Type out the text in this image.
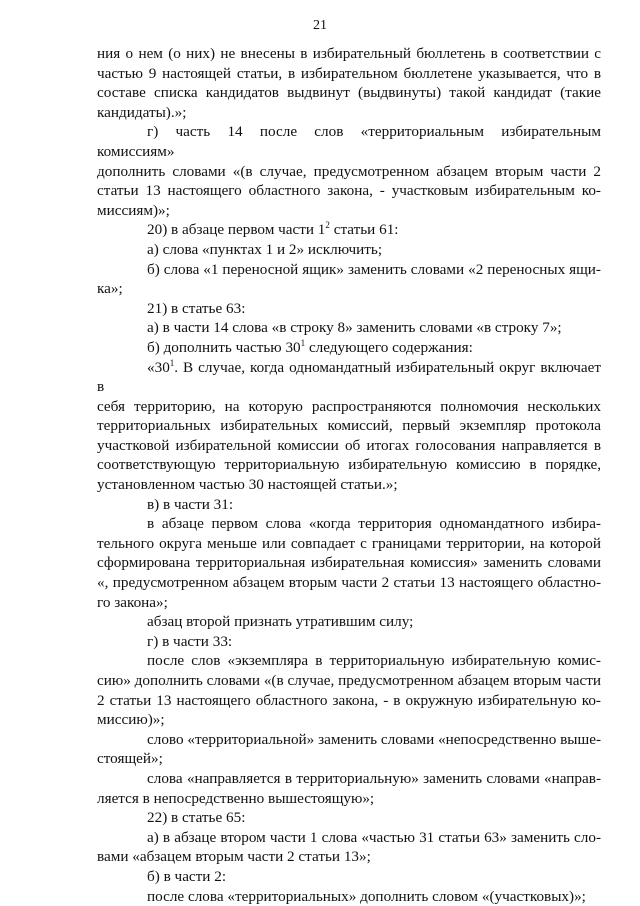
21

ния о нем (о них) не внесены в избирательный бюллетень в соответствии с

частью 9 настоящей статьи, в избирательном бюллетене указывается, что в

составе списка кандидатов выдвинут (выдвинуты) такой кандидат (такие

кандидаты).»;

г) часть 14 после слов «территориальным избирательным комиссиям»

дополнить словами «(в случае, предусмотренном абзацем вторым части 2

статьи 13 настоящего областного закона, - участковым избирательным ко-

миссиям)»;

20) в абзаце первом части $1^2$ статьи 61:

а) слова «пунктах 1 и 2» исключить;

б) слова «1 переносной ящик» заменить словами «2 переносных ящи-

ка»;

21) в статье 63:

а) в части 14 слова «в строку 8» заменить словами «в строку 7»;

б) дополнить частью $30^1$ следующего содержания:

«$30^1$. В случае, когда одномандатный избирательный округ включает в

себя территорию, на которую распространяются полномочия нескольких

территориальных избирательных комиссий, первый экземпляр протокола

участковой избирательной комиссии об итогах голосования направляется в

соответствующую территориальную избирательную комиссию в порядке,

установленном частью 30 настоящей статьи.»;

в) в части 31:

в абзаце первом слова «когда территория одномандатного избира-

тельного округа меньше или совпадает с границами территории, на которой

сформирована территориальная избирательная комиссия» заменить словами

«, предусмотренном абзацем вторым части 2 статьи 13 настоящего областно-

го закона»;

абзац второй признать утратившим силу;

г) в части 33:

после слов «экземпляра в территориальную избирательную комис-

сию» дополнить словами «(в случае, предусмотренном абзацем вторым части

2 статьи 13 настоящего областного закона, - в окружную избирательную ко-

миссию)»;

слово «территориальной» заменить словами «непосредственно выше-

стоящей»;

слова «направляется в территориальную» заменить словами «направ-

ляется в непосредственно вышестоящую»;

22) в статье 65:

а) в абзаце втором части 1 слова «частью 31 статьи 63» заменить сло-

вами «абзацем вторым части 2 статьи 13»;

б) в части 2:

после слова «территориальных» дополнить словом «(участковых)»;
